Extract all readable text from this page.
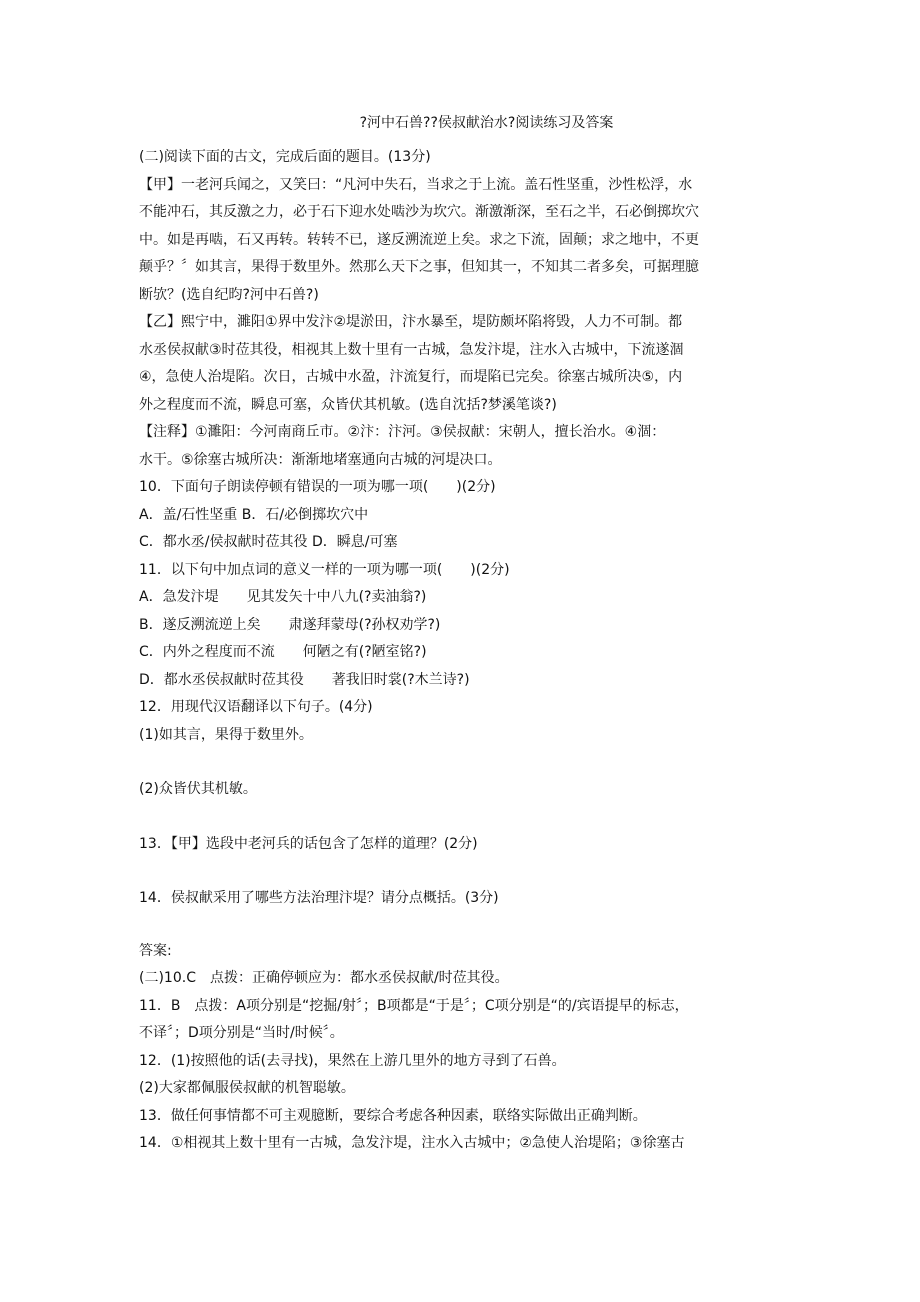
?河中石兽??侯叔献治水?阅读练习及答案
(二)阅读下面的古文，完成后面的题目。(13分)
【甲】一老河兵闻之，又笑曰：“凡河中失石，当求之于上流。盖石性坚重，沙性松浮，水
不能冲石，其反激之力，必于石下迎水处啮沙为坎穴。渐激渐深，至石之半，石必倒掷坎穴
中。如是再啮，石又再转。转转不已，遂反溯流逆上矣。求之下流，固颠；求之地中，不更
颠乎？〞如其言，果得于数里外。然那么天下之事，但知其一，不知其二者多矣，可据理臆
断欤？(选自纪昀?河中石兽?)
【乙】熙宁中，濉阳①界中发汴②堤淤田，汴水暴至，堤防颇坏陷将毁，人力不可制。都
水丞侯叔献③时莅其役，相视其上数十里有一古城，急发汴堤，注水入古城中，下流遂涸
④，急使人治堤陷。次日，古城中水盈，汴流复行，而堤陷已完矣。徐塞古城所决⑤，内
外之程度而不流，瞬息可塞，众皆伏其机敏。(选自沈括?梦溪笔谈?)
【注释】①濉阳：今河南商丘市。②汴：汴河。③侯叔献：宋朝人，擅长治水。④涸：
水干。⑤徐塞古城所决：渐渐地堵塞通向古城的河堤决口。
10．下面句子朗读停顿有错误的一项为哪一项(　　)(2分)
A．盖/石性坚重 B．石/必倒掷坎穴中
C．都水丞/侯叔献时莅其役 D．瞬息/可塞
11．以下句中加点词的意义一样的一项为哪一项(　　)(2分)
A．急发汴堤　　见其发矢十中八九(?卖油翁?)
B．遂反溯流逆上矣　　肃遂拜蒙母(?孙权劝学?)
C．内外之程度而不流　　何陋之有(?陋室铭?)
D．都水丞侯叔献时莅其役　　著我旧时裳(?木兰诗?)
12．用现代汉语翻译以下句子。(4分)
(1)如其言，果得于数里外。
(2)众皆伏其机敏。
13．【甲】选段中老河兵的话包含了怎样的道理？(2分)
14．侯叔献采用了哪些方法治理汴堤？请分点概括。(3分)
答案:
(二)10.C　点拨：正确停顿应为：都水丞侯叔献/时莅其役。
11．B　点拨：A项分别是“挖掘/射〞；B项都是“于是〞；C项分别是“的/宾语提早的标志，
不译〞；D项分别是“当时/时候〞。
12．(1)按照他的话(去寻找)，果然在上游几里外的地方寻到了石兽。
(2)大家都佩服侯叔献的机智聪敏。
13．做任何事情都不可主观臆断，要综合考虑各种因素，联络实际做出正确判断。
14．①相视其上数十里有一古城，急发汴堤，注水入古城中；②急使人治堤陷；③徐塞古
